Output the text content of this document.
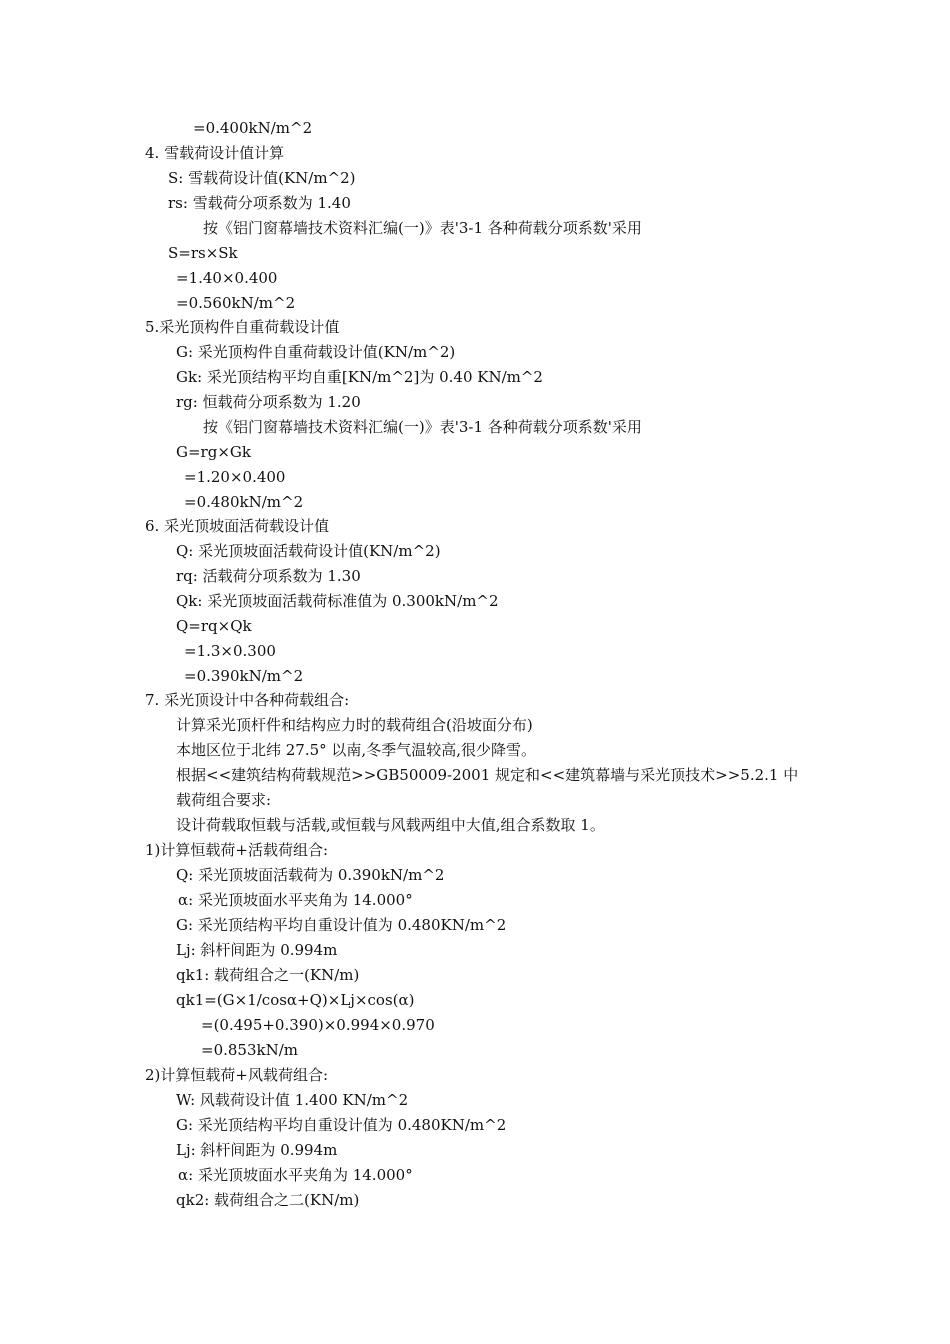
=0.400kN/m^2
4. 雪载荷设计值计算
S: 雪载荷设计值(KN/m^2)
rs: 雪载荷分项系数为 1.40
按《铝门窗幕墙技术资料汇编(一)》表'3-1 各种荷载分项系数'采用
S=rs×Sk
=1.40×0.400
=0.560kN/m^2
5.采光顶构件自重荷载设计值
G: 采光顶构件自重荷载设计值(KN/m^2)
Gk: 采光顶结构平均自重[KN/m^2]为 0.40 KN/m^2
rg: 恒载荷分项系数为 1.20
按《铝门窗幕墙技术资料汇编(一)》表'3-1 各种荷载分项系数'采用
G=rg×Gk
=1.20×0.400
=0.480kN/m^2
6. 采光顶坡面活荷载设计值
Q: 采光顶坡面活载荷设计值(KN/m^2)
rq: 活载荷分项系数为 1.30
Qk: 采光顶坡面活载荷标准值为 0.300kN/m^2
Q=rq×Qk
=1.3×0.300
=0.390kN/m^2
7. 采光顶设计中各种荷载组合:
计算采光顶杆件和结构应力时的载荷组合(沿坡面分布)
本地区位于北纬 27.5° 以南,冬季气温较高,很少降雪。
根据<<建筑结构荷载规范>>GB50009-2001 规定和<<建筑幕墙与采光顶技术>>5.2.1 中
载荷组合要求:
设计荷载取恒载与活载,或恒载与风载两组中大值,组合系数取 1。
1)计算恒载荷+活载荷组合:
Q: 采光顶坡面活载荷为 0.390kN/m^2
α: 采光顶坡面水平夹角为 14.000°
G: 采光顶结构平均自重设计值为 0.480KN/m^2
Lj: 斜杆间距为 0.994m
qk1: 载荷组合之一(KN/m)
qk1=(G×1/cosα+Q)×Lj×cos(α)
=(0.495+0.390)×0.994×0.970
=0.853kN/m
2)计算恒载荷+风载荷组合:
W: 风载荷设计值 1.400 KN/m^2
G: 采光顶结构平均自重设计值为 0.480KN/m^2
Lj: 斜杆间距为 0.994m
α: 采光顶坡面水平夹角为 14.000°
qk2: 载荷组合之二(KN/m)
